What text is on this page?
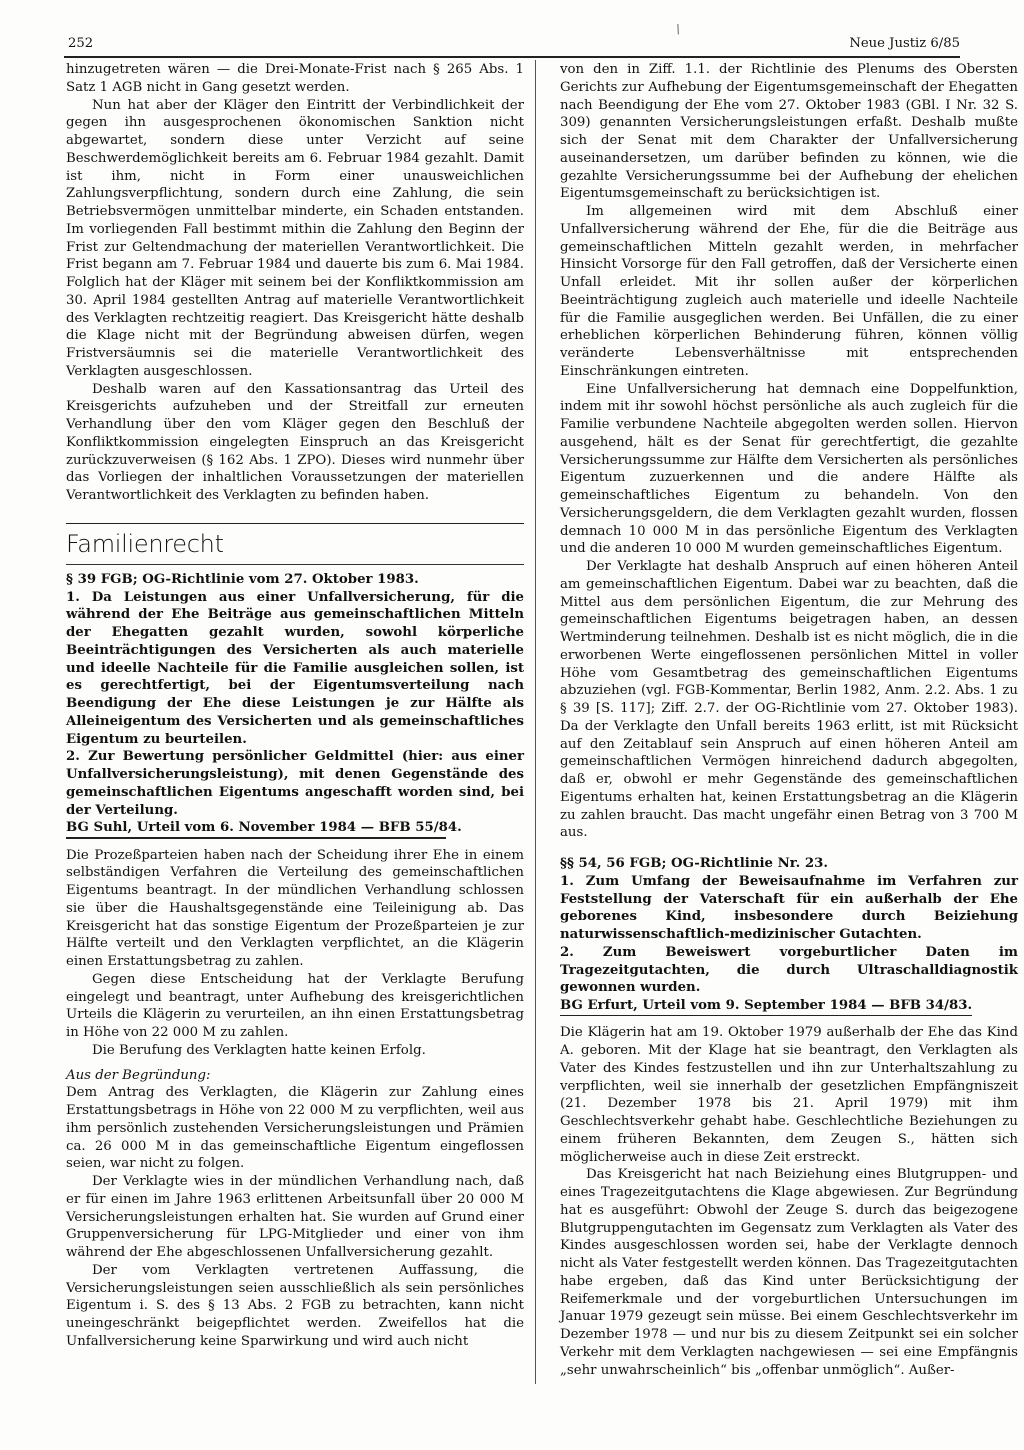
/
252	Neue Justiz 6/85

hinzugetreten wären — die Drei-Monate-Frist nach § 265 Abs. 1 Satz 1 AGB nicht in Gang gesetzt werden.

Nun hat aber der Kläger den Eintritt der Verbindlichkeit der gegen ihn ausgesprochenen ökonomischen Sanktion nicht abgewartet, sondern diese unter Verzicht auf seine Beschwerdemöglichkeit bereits am 6. Februar 1984 gezahlt. Damit ist ihm, nicht in Form einer unausweichlichen Zahlungsverpflichtung, sondern durch eine Zahlung, die sein Betriebsvermögen unmittelbar minderte, ein Schaden entstanden. Im vorliegenden Fall bestimmt mithin die Zahlung den Beginn der Frist zur Geltendmachung der materiellen Verantwortlichkeit. Die Frist begann am 7. Februar 1984 und dauerte bis zum 6. Mai 1984. Folglich hat der Kläger mit seinem bei der Konfliktkommission am 30. April 1984 gestellten Antrag auf materielle Verantwortlichkeit des Verklagten rechtzeitig reagiert. Das Kreisgericht hätte deshalb die Klage nicht mit der Begründung abweisen dürfen, wegen Fristversäumnis sei die materielle Verantwortlichkeit des Verklagten ausgeschlossen.

Deshalb waren auf den Kassationsantrag das Urteil des Kreisgerichts aufzuheben und der Streitfall zur erneuten Verhandlung über den vom Kläger gegen den Beschluß der Konfliktkommission eingelegten Einspruch an das Kreisgericht zurückzuverweisen (§ 162 Abs. 1 ZPO). Dieses wird nunmehr über das Vorliegen der inhaltlichen Voraussetzungen der materiellen Verantwortlichkeit des Verklagten zu befinden haben.

Familienrecht

§ 39 FGB; OG-Richtlinie vom 27. Oktober 1983.

1. Da Leistungen aus einer Unfallversicherung, für die während der Ehe Beiträge aus gemeinschaftlichen Mitteln der Ehegatten gezahlt wurden, sowohl körperliche Beeinträchtigungen des Versicherten als auch materielle und ideelle Nachteile für die Familie ausgleichen sollen, ist es gerechtfertigt, bei der Eigentumsverteilung nach Beendigung der Ehe diese Leistungen je zur Hälfte als Alleineigentum des Versicherten und als gemeinschaftliches Eigentum zu beurteilen.

2. Zur Bewertung persönlicher Geldmittel (hier: aus einer Unfallversicherungsleistung), mit denen Gegenstände des gemeinschaftlichen Eigentums angeschafft worden sind, bei der Verteilung.

BG Suhl, Urteil vom 6. November 1984 — BFB 55/84.

Die Prozeßparteien haben nach der Scheidung ihrer Ehe in einem selbständigen Verfahren die Verteilung des gemeinschaftlichen Eigentums beantragt. In der mündlichen Verhandlung schlossen sie über die Haushaltsgegenstände eine Teileinigung ab. Das Kreisgericht hat das sonstige Eigentum der Prozeßparteien je zur Hälfte verteilt und den Verklagten verpflichtet, an die Klägerin einen Erstattungsbetrag zu zahlen.

Gegen diese Entscheidung hat der Verklagte Berufung eingelegt und beantragt, unter Aufhebung des kreisgerichtlichen Urteils die Klägerin zu verurteilen, an ihn einen Erstattungsbetrag in Höhe von 22 000 M zu zahlen.

Die Berufung des Verklagten hatte keinen Erfolg.

Aus der Begründung:

Dem Antrag des Verklagten, die Klägerin zur Zahlung eines Erstattungsbetrags in Höhe von 22 000 M zu verpflichten, weil aus ihm persönlich zustehenden Versicherungsleistungen und Prämien ca. 26 000 M in das gemeinschaftliche Eigentum eingeflossen seien, war nicht zu folgen.

Der Verklagte wies in der mündlichen Verhandlung nach, daß er für einen im Jahre 1963 erlittenen Arbeitsunfall über 20 000 M Versicherungsleistungen erhalten hat. Sie wurden auf Grund einer Gruppenversicherung für LPG-Mitglieder und einer von ihm während der Ehe abgeschlossenen Unfallversicherung gezahlt.

Der vom Verklagten vertretenen Auffassung, die Versicherungsleistungen seien ausschließlich als sein persönliches Eigentum i. S. des § 13 Abs. 2 FGB zu betrachten, kann nicht uneingeschränkt beigepflichtet werden. Zweifellos hat die Unfallversicherung keine Sparwirkung und wird auch nicht

von den in Ziff. 1.1. der Richtlinie des Plenums des Obersten Gerichts zur Aufhebung der Eigentumsgemeinschaft der Ehegatten nach Beendigung der Ehe vom 27. Oktober 1983 (GBl. I Nr. 32 S. 309) genannten Versicherungsleistungen erfaßt. Deshalb mußte sich der Senat mit dem Charakter der Unfallversicherung auseinandersetzen, um darüber befinden zu können, wie die gezahlte Versicherungssumme bei der Aufhebung der ehelichen Eigentumsgemeinschaft zu berücksichtigen ist.

Im allgemeinen wird mit dem Abschluß einer Unfallversicherung während der Ehe, für die die Beiträge aus gemeinschaftlichen Mitteln gezahlt werden, in mehrfacher Hinsicht Vorsorge für den Fall getroffen, daß der Versicherte einen Unfall erleidet. Mit ihr sollen außer der körperlichen Beeinträchtigung zugleich auch materielle und ideelle Nachteile für die Familie ausgeglichen werden. Bei Unfällen, die zu einer erheblichen körperlichen Behinderung führen, können völlig veränderte Lebensverhältnisse mit entsprechenden Einschränkungen eintreten.

Eine Unfallversicherung hat demnach eine Doppelfunktion, indem mit ihr sowohl höchst persönliche als auch zugleich für die Familie verbundene Nachteile abgegolten werden sollen. Hiervon ausgehend, hält es der Senat für gerechtfertigt, die gezahlte Versicherungssumme zur Hälfte dem Versicherten als persönliches Eigentum zuzuerkennen und die andere Hälfte als gemeinschaftliches Eigentum zu behandeln. Von den Versicherungsgeldern, die dem Verklagten gezahlt wurden, flossen demnach 10 000 M in das persönliche Eigentum des Verklagten und die anderen 10 000 M wurden gemeinschaftliches Eigentum.

Der Verklagte hat deshalb Anspruch auf einen höheren Anteil am gemeinschaftlichen Eigentum. Dabei war zu beachten, daß die Mittel aus dem persönlichen Eigentum, die zur Mehrung des gemeinschaftlichen Eigentums beigetragen haben, an dessen Wertminderung teilnehmen. Deshalb ist es nicht möglich, die in die erworbenen Werte eingeflossenen persönlichen Mittel in voller Höhe vom Gesamtbetrag des gemeinschaftlichen Eigentums abzuziehen (vgl. FGB-Kommentar, Berlin 1982, Anm. 2.2. Abs. 1 zu § 39 [S. 117]; Ziff. 2.7. der OG-Richtlinie vom 27. Oktober 1983). Da der Verklagte den Unfall bereits 1963 erlitt, ist mit Rücksicht auf den Zeitablauf sein Anspruch auf einen höheren Anteil am gemeinschaftlichen Vermögen hinreichend dadurch abgegolten, daß er, obwohl er mehr Gegenstände des gemeinschaftlichen Eigentums erhalten hat, keinen Erstattungsbetrag an die Klägerin zu zahlen braucht. Das macht ungefähr einen Betrag von 3 700 M aus.

§§ 54, 56 FGB; OG-Richtlinie Nr. 23.

1. Zum Umfang der Beweisaufnahme im Verfahren zur Feststellung der Vaterschaft für ein außerhalb der Ehe geborenes Kind, insbesondere durch Beiziehung naturwissenschaftlich-medizinischer Gutachten.

2. Zum Beweiswert vorgeburtlicher Daten im Tragezeitgutachten, die durch Ultraschalldiagnostik gewonnen wurden.

BG Erfurt, Urteil vom 9. September 1984 — BFB 34/83.

Die Klägerin hat am 19. Oktober 1979 außerhalb der Ehe das Kind A. geboren. Mit der Klage hat sie beantragt, den Verklagten als Vater des Kindes festzustellen und ihn zur Unterhaltszahlung zu verpflichten, weil sie innerhalb der gesetzlichen Empfängniszeit (21. Dezember 1978 bis 21. April 1979) mit ihm Geschlechtsverkehr gehabt habe. Geschlechtliche Beziehungen zu einem früheren Bekannten, dem Zeugen S., hätten sich möglicherweise auch in diese Zeit erstreckt.

Das Kreisgericht hat nach Beiziehung eines Blutgruppen- und eines Tragezeitgutachtens die Klage abgewiesen. Zur Begründung hat es ausgeführt: Obwohl der Zeuge S. durch das beigezogene Blutgruppengutachten im Gegensatz zum Verklagten als Vater des Kindes ausgeschlossen worden sei, habe der Verklagte dennoch nicht als Vater festgestellt werden können. Das Tragezeitgutachten habe ergeben, daß das Kind unter Berücksichtigung der Reifemerkmale und der vorgeburtlichen Untersuchungen im Januar 1979 gezeugt sein müsse. Bei einem Geschlechtsverkehr im Dezember 1978 — und nur bis zu diesem Zeitpunkt sei ein solcher Verkehr mit dem Verklagten nachgewiesen — sei eine Empfängnis „sehr unwahrscheinlich“ bis „offenbar unmöglich“. Außer-
